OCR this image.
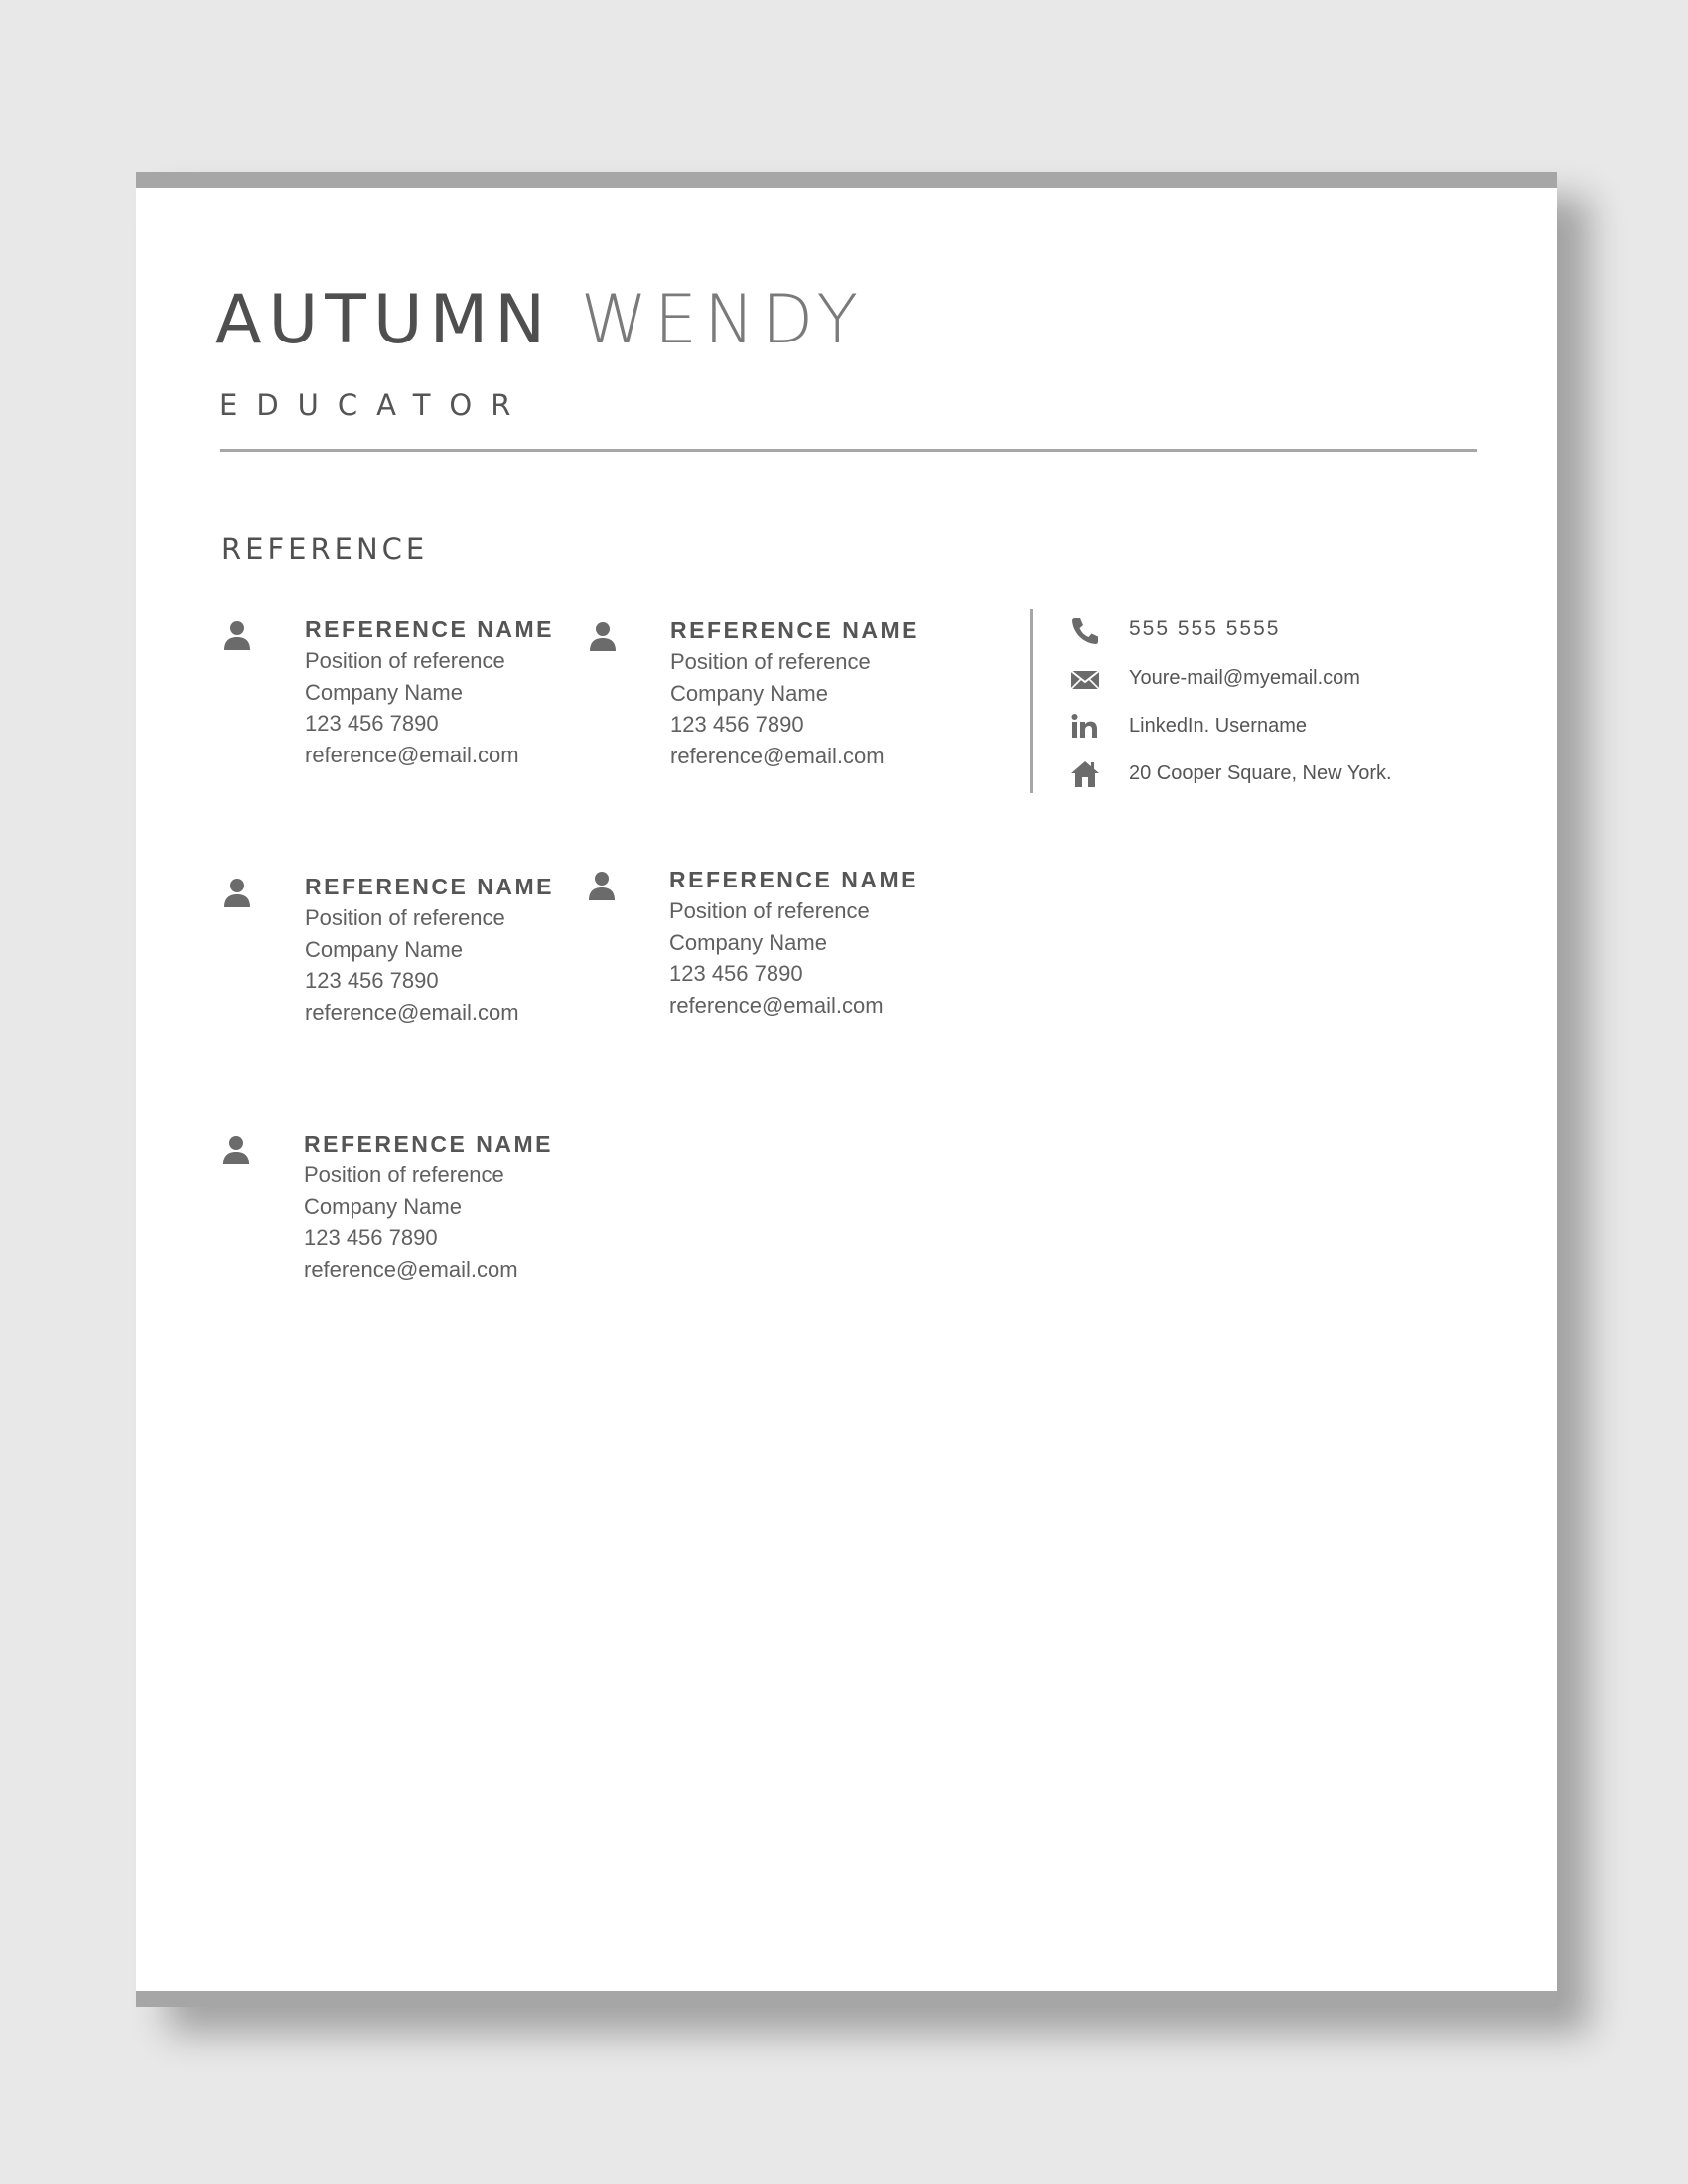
AUTUMN WENDY
EDUCATOR
REFERENCE
REFERENCE NAME
Position of reference
Company Name
123 456 7890
reference@email.com
REFERENCE NAME
Position of reference
Company Name
123 456 7890
reference@email.com
REFERENCE NAME
Position of reference
Company Name
123 456 7890
reference@email.com
REFERENCE NAME
Position of reference
Company Name
123 456 7890
reference@email.com
REFERENCE NAME
Position of reference
Company Name
123 456 7890
reference@email.com
555 555 5555
Youre-mail@myemail.com
LinkedIn. Username
20 Cooper Square, New York.
